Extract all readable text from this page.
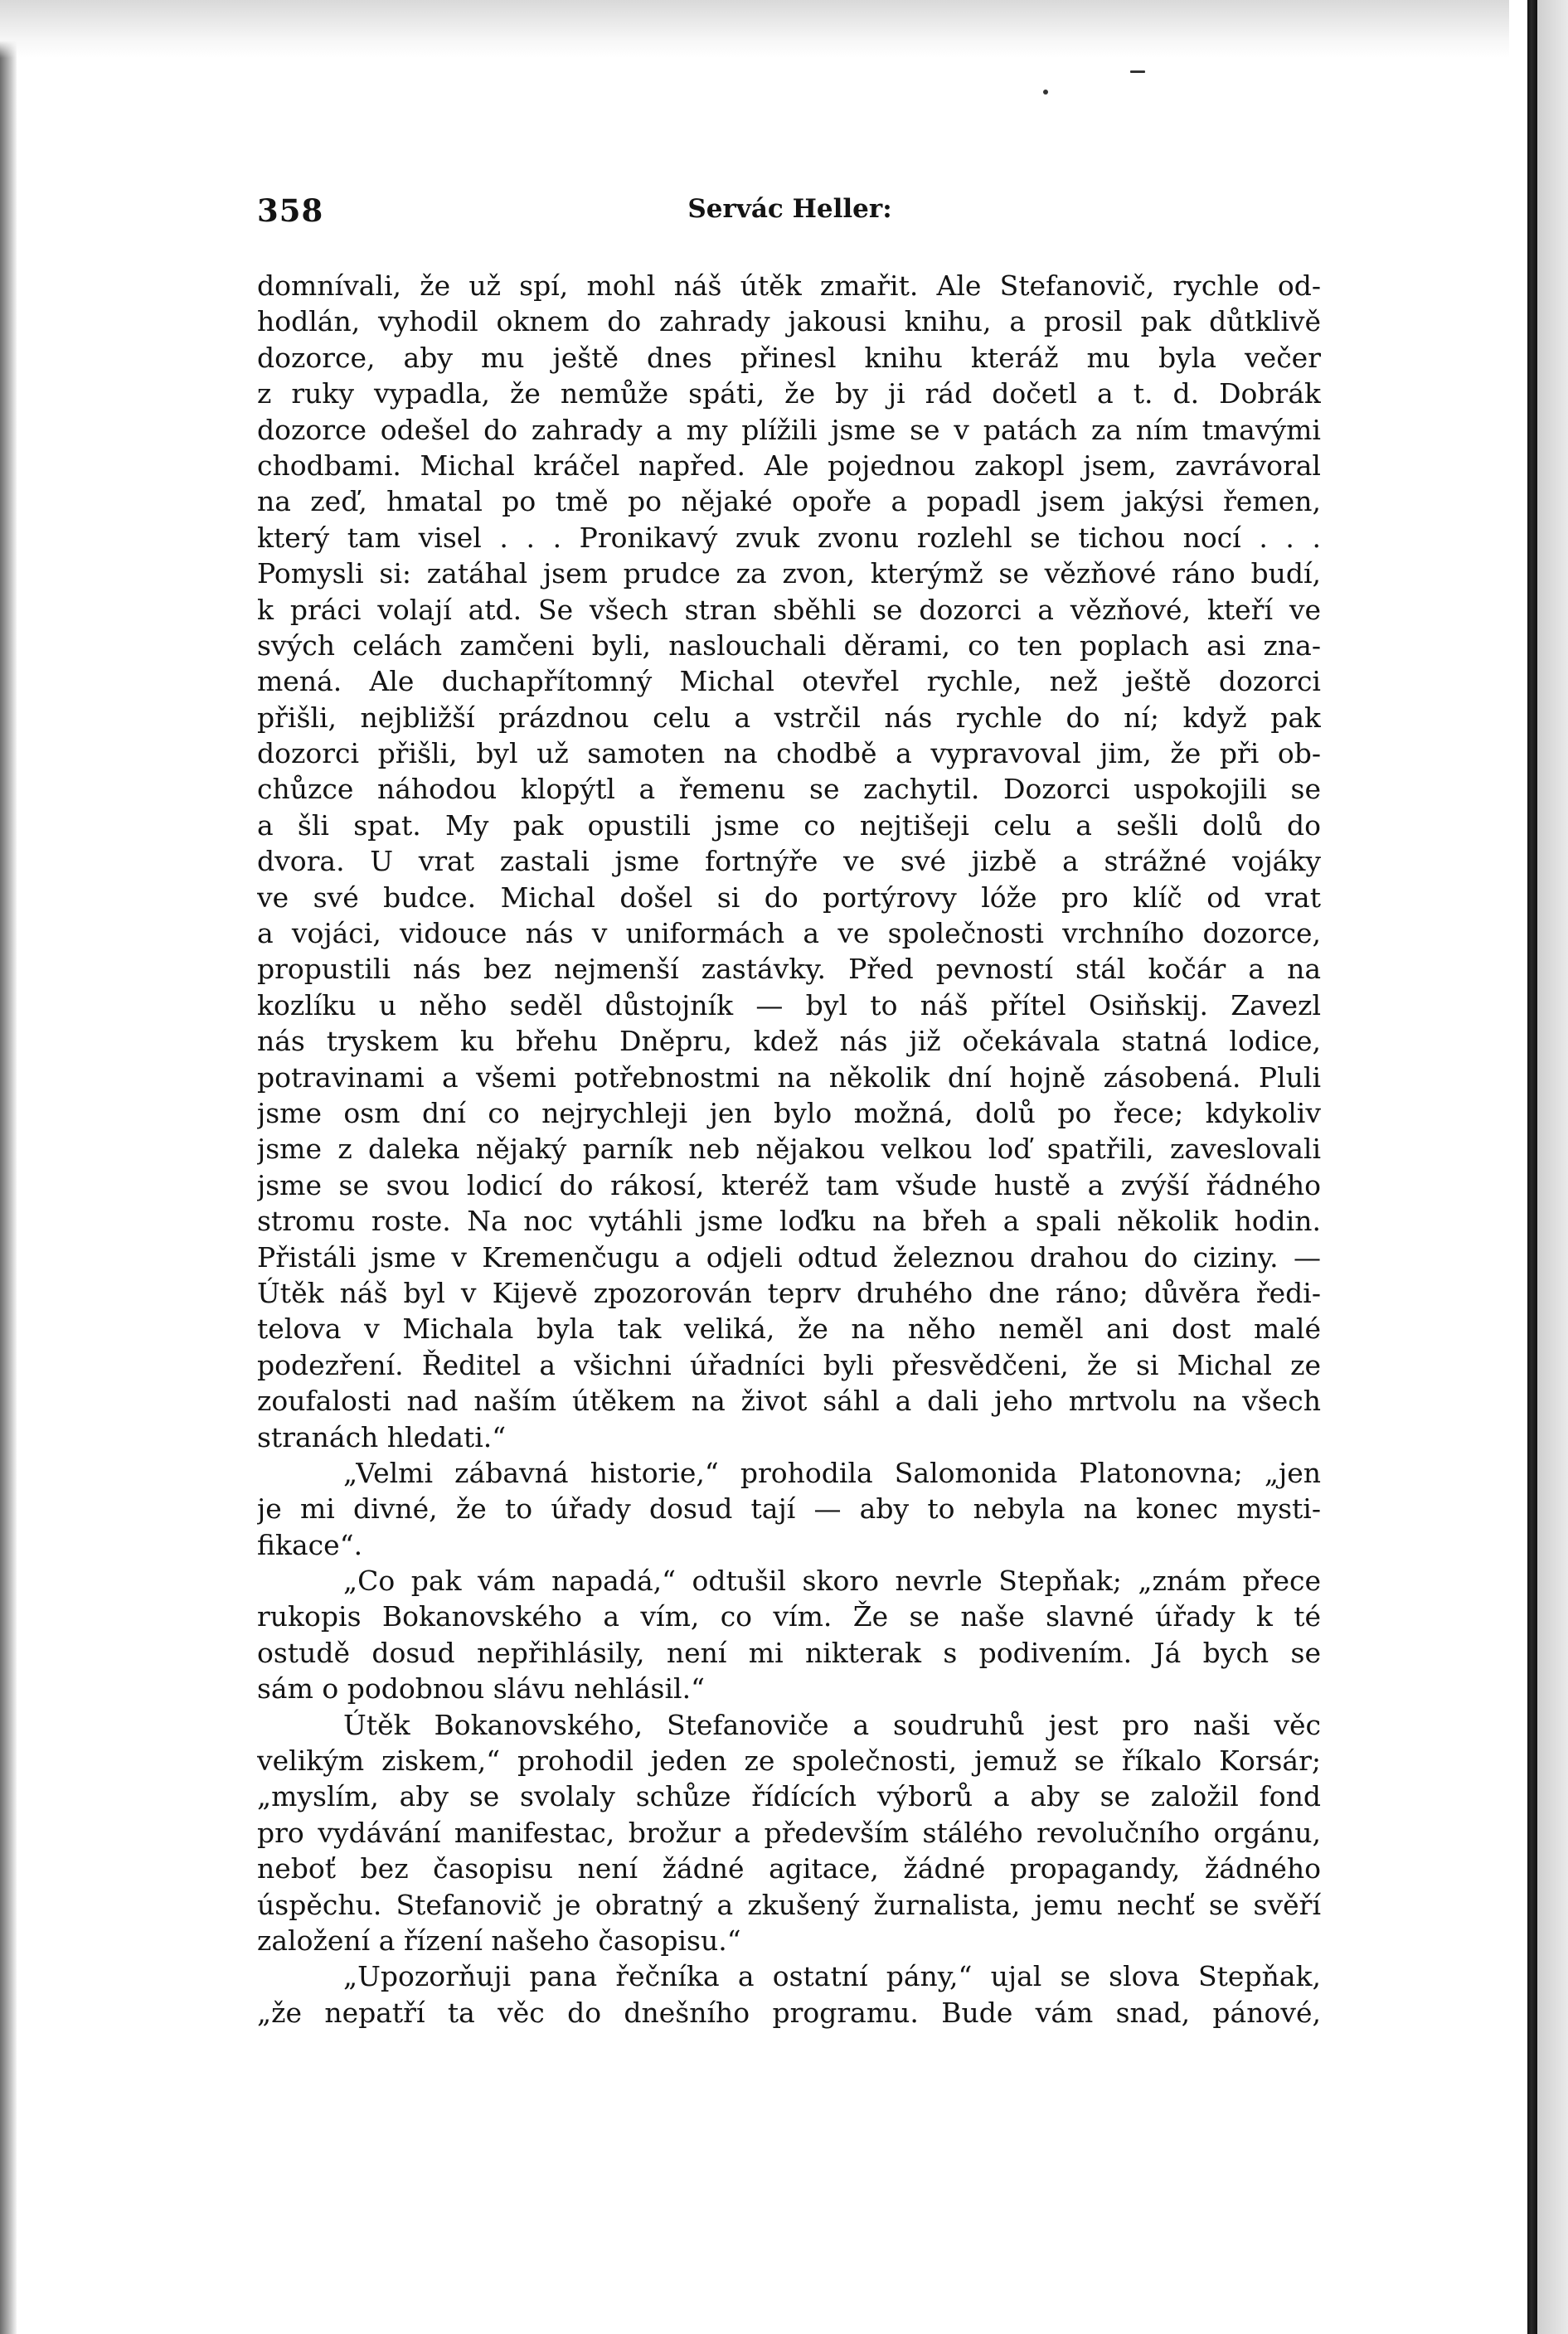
358	Servác Heller:
domnívali, že už spí, mohl náš útěk zmařit. Ale Stefanovič, rychle od-
hodlán, vyhodil oknem do zahrady jakousi knihu, a prosil pak důtklivě
dozorce, aby mu ještě dnes přinesl knihu kteráž mu byla večer
z ruky vypadla, že nemůže spáti, že by ji rád dočetl a t. d. Dobrák
dozorce odešel do zahrady a my plížili jsme se v patách za ním tmavými
chodbami. Michal kráčel napřed. Ale pojednou zakopl jsem, zavrávoral
na zeď, hmatal po tmě po nějaké opoře a popadl jsem jakýsi řemen,
který tam visel . . . Pronikavý zvuk zvonu rozlehl se tichou nocí . . .
Pomysli si: zatáhal jsem prudce za zvon, kterýmž se vězňové ráno budí,
k práci volají atd. Se všech stran sběhli se dozorci a vězňové, kteří ve
svých celách zamčeni byli, naslouchali děrami, co ten poplach asi zna-
mená. Ale duchapřítomný Michal otevřel rychle, než ještě dozorci
přišli, nejbližší prázdnou celu a vstrčil nás rychle do ní; když pak
dozorci přišli, byl už samoten na chodbě a vypravoval jim, že při ob-
chůzce náhodou klopýtl a řemenu se zachytil. Dozorci uspokojili se
a šli spat. My pak opustili jsme co nejtišeji celu a sešli dolů do
dvora. U vrat zastali jsme fortnýře ve své jizbě a strážné vojáky
ve své budce. Michal došel si do portýrovy lóže pro klíč od vrat
a vojáci, vidouce nás v uniformách a ve společnosti vrchního dozorce,
propustili nás bez nejmenší zastávky. Před pevností stál kočár a na
kozlíku u něho seděl důstojník — byl to náš přítel Osiňskij. Zavezl
nás tryskem ku břehu Dněpru, kdež nás již očekávala statná lodice,
potravinami a všemi potřebnostmi na několik dní hojně zásobená. Pluli
jsme osm dní co nejrychleji jen bylo možná, dolů po řece; kdykoliv
jsme z daleka nějaký parník neb nějakou velkou loď spatřili, zaveslovali
jsme se svou lodicí do rákosí, kteréž tam všude hustě a zvýší řádného
stromu roste. Na noc vytáhli jsme loďku na břeh a spali několik hodin.
Přistáli jsme v Kremenčugu a odjeli odtud železnou drahou do ciziny. —
Útěk náš byl v Kijevě zpozorován teprv druhého dne ráno; důvěra ředi-
telova v Michala byla tak veliká, že na něho neměl ani dost malé
podezření. Ředitel a všichni úřadníci byli přesvědčeni, že si Michal ze
zoufalosti nad naším útěkem na život sáhl a dali jeho mrtvolu na všech
stranách hledati.“
„Velmi zábavná historie,“ prohodila Salomonida Platonovna; „jen
je mi divné, že to úřady dosud tají — aby to nebyla na konec mysti-
fikace“.
„Co pak vám napadá,“ odtušil skoro nevrle Stepňak; „znám přece
rukopis Bokanovského a vím, co vím. Že se naše slavné úřady k té
ostudě dosud nepřihlásily, není mi nikterak s podivením. Já bych se
sám o podobnou slávu nehlásil.“
Útěk Bokanovského, Stefanoviče a soudruhů jest pro naši věc
velikým ziskem,“ prohodil jeden ze společnosti, jemuž se říkalo Korsár;
„myslím, aby se svolaly schůze řídících výborů a aby se založil fond
pro vydávání manifestac, brožur a především stálého revolučního orgánu,
neboť bez časopisu není žádné agitace, žádné propagandy, žádného
úspěchu. Stefanovič je obratný a zkušený žurnalista, jemu nechť se svěří
založení a řízení našeho časopisu.“
„Upozorňuji pana řečníka a ostatní pány,“ ujal se slova Stepňak,
„že nepatří ta věc do dnešního programu. Bude vám snad, pánové,
